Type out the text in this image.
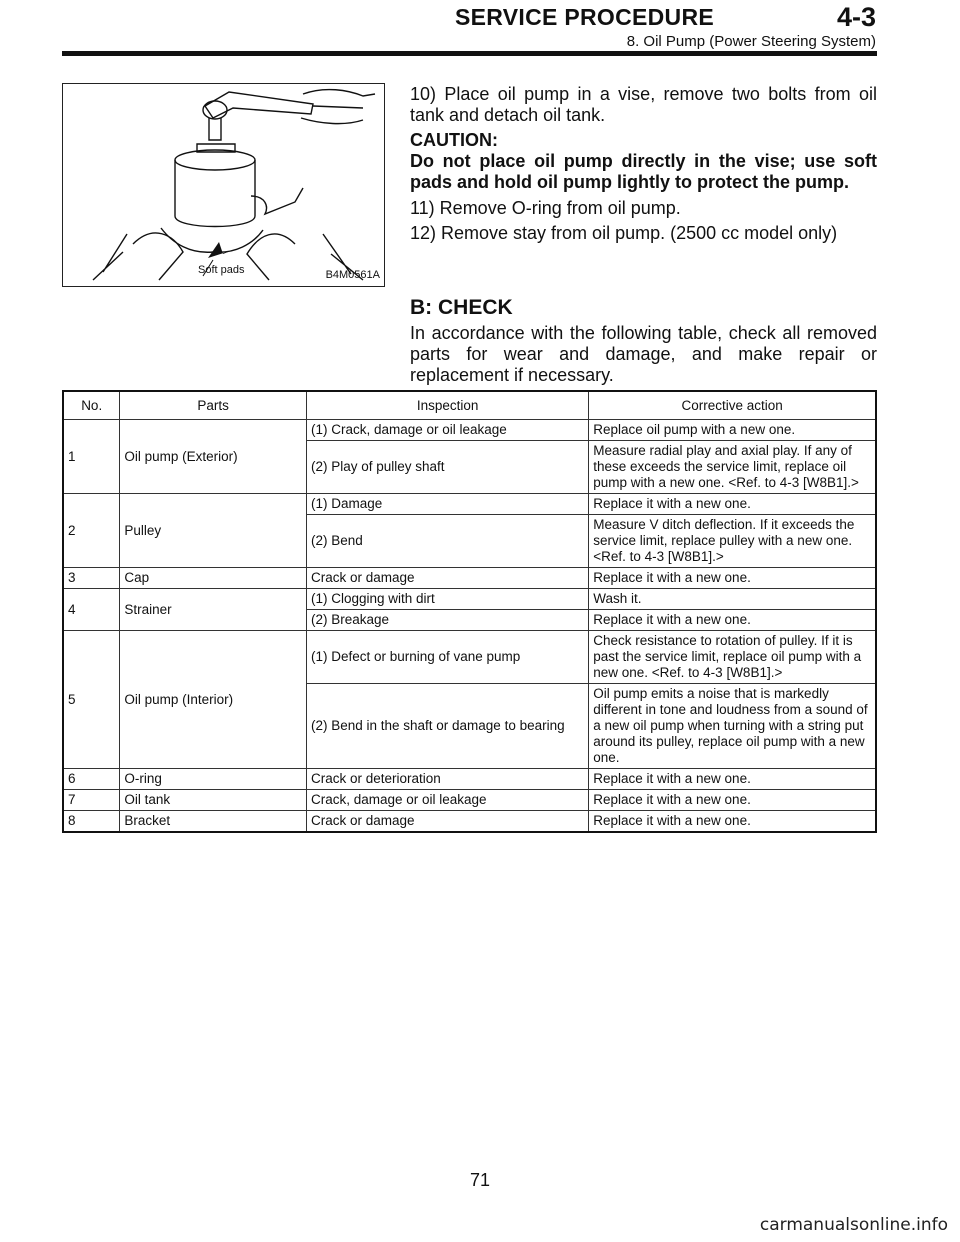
SERVICE PROCEDURE	4-3
8. Oil Pump (Power Steering System)
Soft pads	B4M0561A

10) Place oil pump in a vise, remove two bolts from oil tank and detach oil tank.

CAUTION:

Do not place oil pump directly in the vise; use soft pads and hold oil pump lightly to protect the pump.

11) Remove O-ring from oil pump.

12) Remove stay from oil pump. (2500 cc model only)

B: CHECK

In accordance with the following table, check all removed parts for wear and damage, and make repair or replacement if necessary.

No.	Parts	Inspection	Corrective action
1	Oil pump (Exterior)	(1) Crack, damage or oil leakage	Replace oil pump with a new one.
		(2) Play of pulley shaft	Measure radial play and axial play. If any of these exceeds the service limit, replace oil pump with a new one. <Ref. to 4-3 [W8B1].>
2	Pulley	(1) Damage	Replace it with a new one.
		(2) Bend	Measure V ditch deflection. If it exceeds the service limit, replace pulley with a new one. <Ref. to 4-3 [W8B1].>
3	Cap	Crack or damage	Replace it with a new one.
4	Strainer	(1) Clogging with dirt	Wash it.
		(2) Breakage	Replace it with a new one.
5	Oil pump (Interior)	(1) Defect or burning of vane pump	Check resistance to rotation of pulley. If it is past the service limit, replace oil pump with a new one. <Ref. to 4-3 [W8B1].>
		(2) Bend in the shaft or damage to bearing	Oil pump emits a noise that is markedly different in tone and loudness from a sound of a new oil pump when turning with a string put around its pulley, replace oil pump with a new one.
6	O-ring	Crack or deterioration	Replace it with a new one.
7	Oil tank	Crack, damage or oil leakage	Replace it with a new one.
8	Bracket	Crack or damage	Replace it with a new one.
71
carmanualsonline.info
